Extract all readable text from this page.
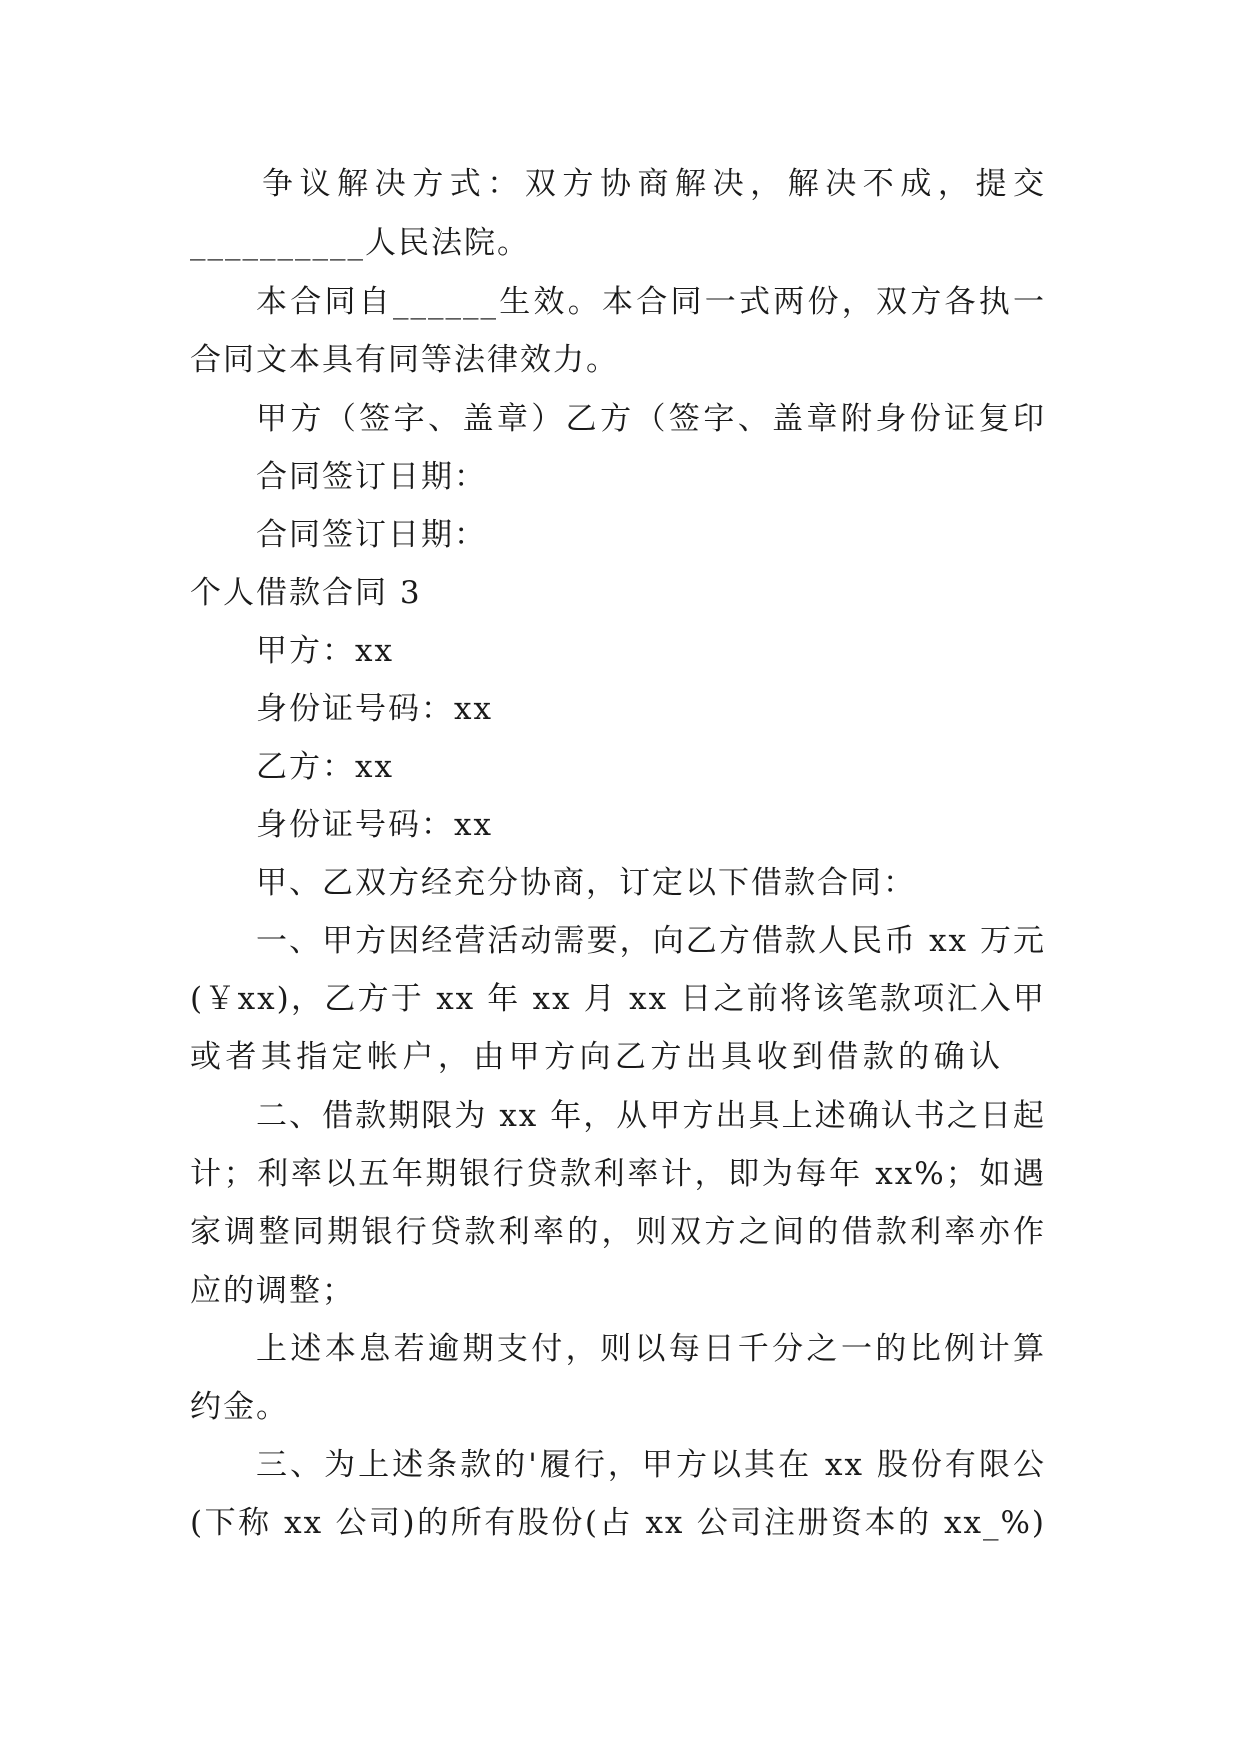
争议解决方式：双方协商解决，解决不成，提交
__________人民法院。
本合同自______生效。本合同一式两份，双方各执一
合同文本具有同等法律效力。
甲方（签字、盖章）乙方（签字、盖章附身份证复印
合同签订日期：
合同签订日期：
个人借款合同 3
甲方：xx
身份证号码：xx
乙方：xx
身份证号码：xx
甲、乙双方经充分协商，订定以下借款合同：
一、甲方因经营活动需要，向乙方借款人民币 xx 万元
(￥xx)，乙方于 xx 年 xx 月 xx 日之前将该笔款项汇入甲
或者其指定帐户，由甲方向乙方出具收到借款的确认
二、借款期限为 xx 年，从甲方出具上述确认书之日起
计；利率以五年期银行贷款利率计，即为每年 xx%；如遇
家调整同期银行贷款利率的，则双方之间的借款利率亦作
应的调整；
上述本息若逾期支付，则以每日千分之一的比例计算
约金。
三、为上述条款的'履行，甲方以其在 xx 股份有限公
(下称 xx 公司)的所有股份(占 xx 公司注册资本的 xx_%)
